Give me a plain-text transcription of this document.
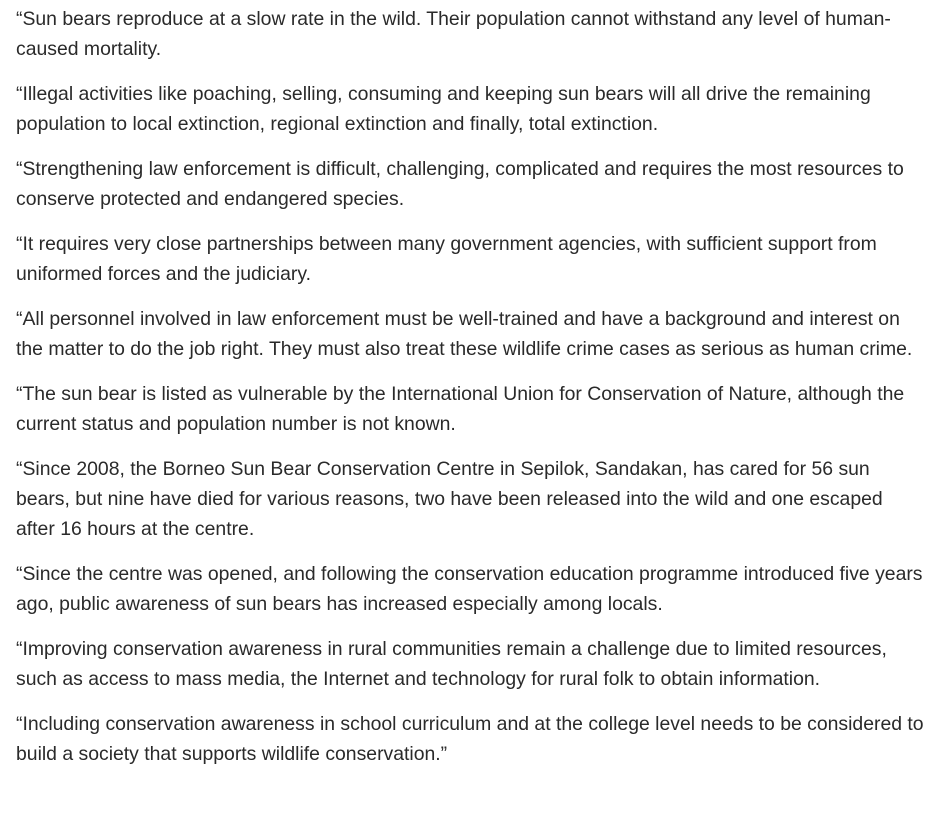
“Sun bears reproduce at a slow rate in the wild. Their population cannot withstand any level of human-caused mortality.

“Illegal activities like poaching, selling, consuming and keeping sun bears will all drive the remaining population to local extinction, regional extinction and finally, total extinction.

“Strengthening law enforcement is difficult, challenging, complicated and requires the most resources to conserve protected and endangered species.

“It requires very close partnerships between many government agencies, with sufficient support from uniformed forces and the judiciary.

“All personnel involved in law enforcement must be well-trained and have a background and interest on the matter to do the job right. They must also treat these wildlife crime cases as serious as human crime.

“The sun bear is listed as vulnerable by the International Union for Conservation of Nature, although the current status and population number is not known.

“Since 2008, the Borneo Sun Bear Conservation Centre in Sepilok, Sandakan, has cared for 56 sun bears, but nine have died for various reasons, two have been released into the wild and one escaped after 16 hours at the centre.

“Since the centre was opened, and following the conservation education programme introduced five years ago, public awareness of sun bears has increased especially among locals.

“Improving conservation awareness in rural communities remain a challenge due to limited resources, such as access to mass media, the Internet and technology for rural folk to obtain information.

“Including conservation awareness in school curriculum and at the college level needs to be considered to build a society that supports wildlife conservation.”
